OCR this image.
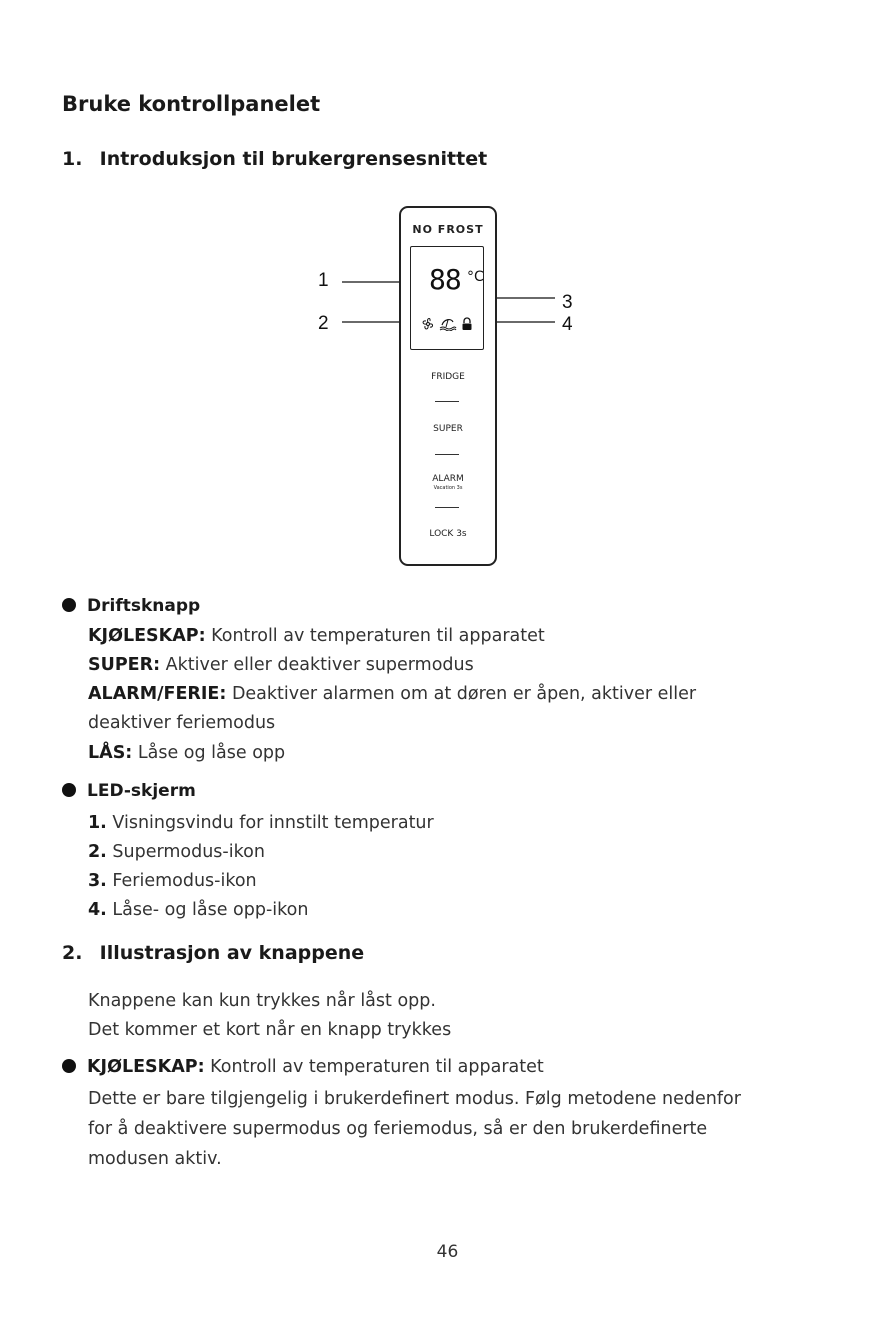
Bruke kontrollpanelet
1. Introduksjon til brukergrensesnittet
1
2
3
4
NO FROST
88 °C
FRIDGE
SUPER
ALARM
Vacation 3s
LOCK 3s
Driftsknapp
KJØLESKAP: Kontroll av temperaturen til apparatet
SUPER: Aktiver eller deaktiver supermodus
ALARM/FERIE: Deaktiver alarmen om at døren er åpen, aktiver eller
deaktiver feriemodus
LÅS: Låse og låse opp
LED-skjerm
1. Visningsvindu for innstilt temperatur
2. Supermodus-ikon
3. Feriemodus-ikon
4. Låse- og låse opp-ikon
2. Illustrasjon av knappene
Knappene kan kun trykkes når låst opp.
Det kommer et kort når en knapp trykkes
KJØLESKAP: Kontroll av temperaturen til apparatet
Dette er bare tilgjengelig i brukerdefinert modus. Følg metodene nedenfor
for å deaktivere supermodus og feriemodus, så er den brukerdefinerte
modusen aktiv.
46
